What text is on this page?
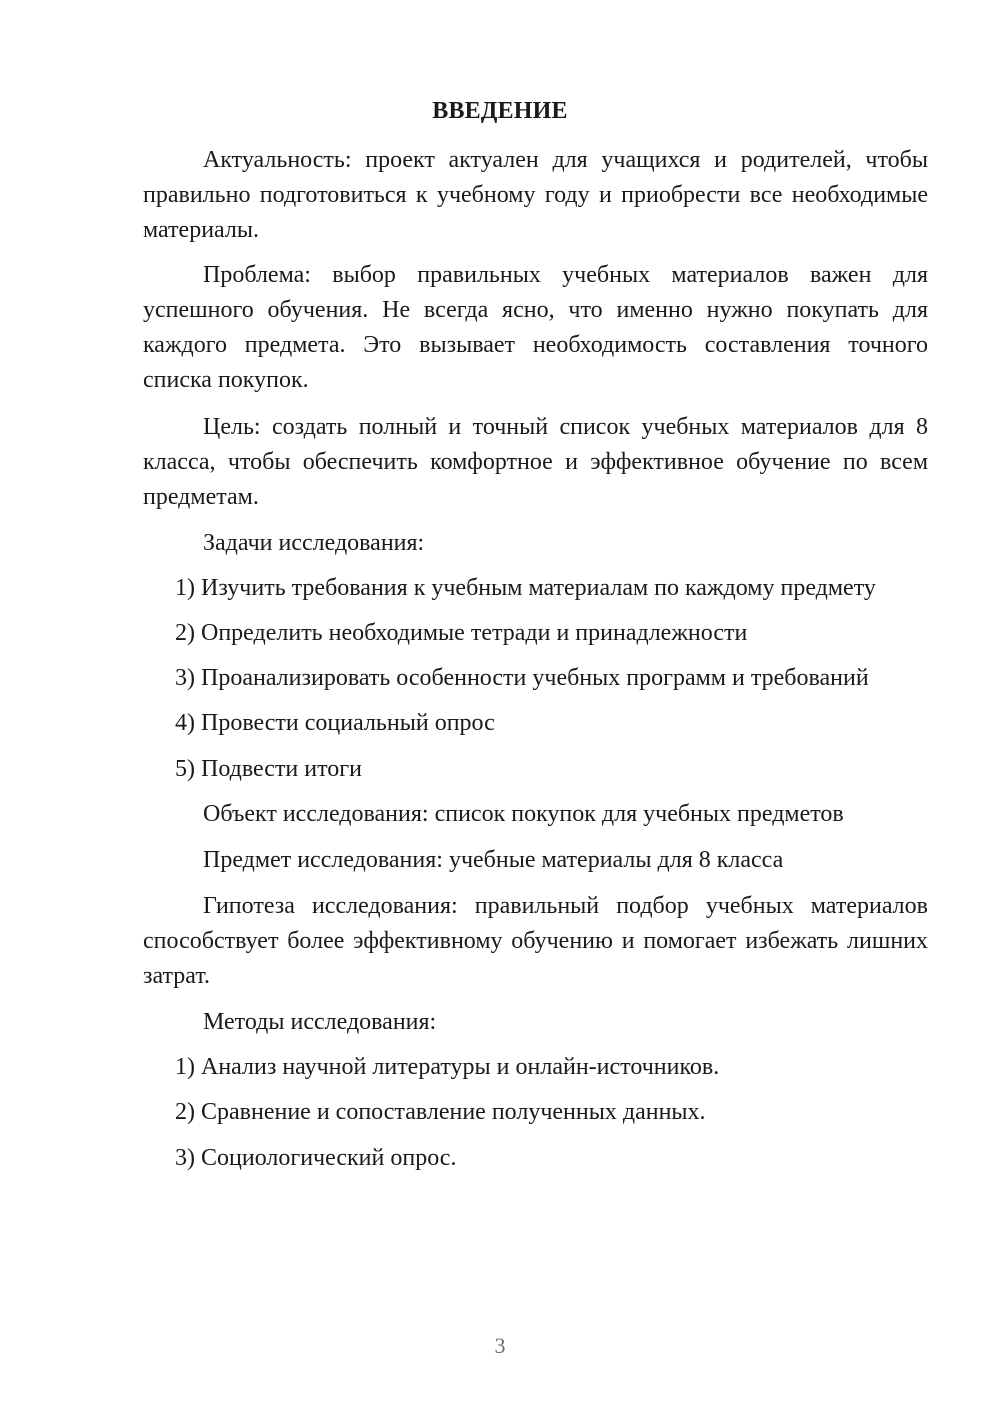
ВВЕДЕНИЕ

Актуальность: проект актуален для учащихся и родителей, чтобы правильно подготовиться к учебному году и приобрести все необходимые материалы.

Проблема: выбор правильных учебных материалов важен для успешного обучения. Не всегда ясно, что именно нужно покупать для каждого предмета. Это вызывает необходимость составления точного списка покупок.

Цель: создать полный и точный список учебных материалов для 8 класса, чтобы обеспечить комфортное и эффективное обучение по всем предметам.

Задачи исследования:
1) Изучить требования к учебным материалам по каждому предмету
2) Определить необходимые тетради и принадлежности
3) Проанализировать особенности учебных программ и требований
4) Провести социальный опрос
5) Подвести итоги
Объект исследования: список покупок для учебных предметов
Предмет исследования: учебные материалы для 8 класса

Гипотеза исследования: правильный подбор учебных материалов способствует более эффективному обучению и помогает избежать лишних затрат.

Методы исследования:
1) Анализ научной литературы и онлайн-источников.
2) Сравнение и сопоставление полученных данных.
3) Социологический опрос.
3
